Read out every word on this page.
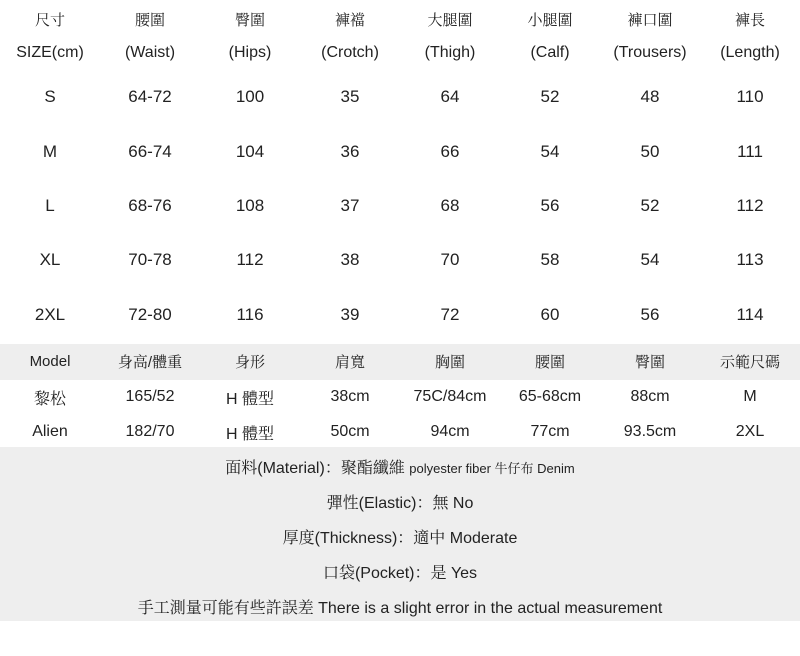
尺寸	腰圍	臀圍	褲襠	大腿圍	小腿圍	褲口圍	褲長
SIZE(cm)	(Waist)	(Hips)	(Crotch)	(Thigh)	(Calf)	(Trousers)	(Length)
S	64-72	100	35	64	52	48	110
M	66-74	104	36	66	54	50	111
L	68-76	108	37	68	56	52	112
XL	70-78	112	38	70	58	54	113
2XL	72-80	116	39	72	60	56	114
Model	身高/體重	身形	肩寬	胸圍	腰圍	臀圍	示範尺碼
黎松	165/52	H 體型	38cm	75C/84cm	65-68cm	88cm	M
Alien	182/70	H 體型	50cm	94cm	77cm	93.5cm	2XL
面料(Material)：聚酯纖維 polyester fiber 牛仔布 Denim
彈性(Elastic)：無 No
厚度(Thickness)：適中 Moderate
口袋(Pocket)：是 Yes
手工測量可能有些許誤差 There is a slight error in the actual measurement
